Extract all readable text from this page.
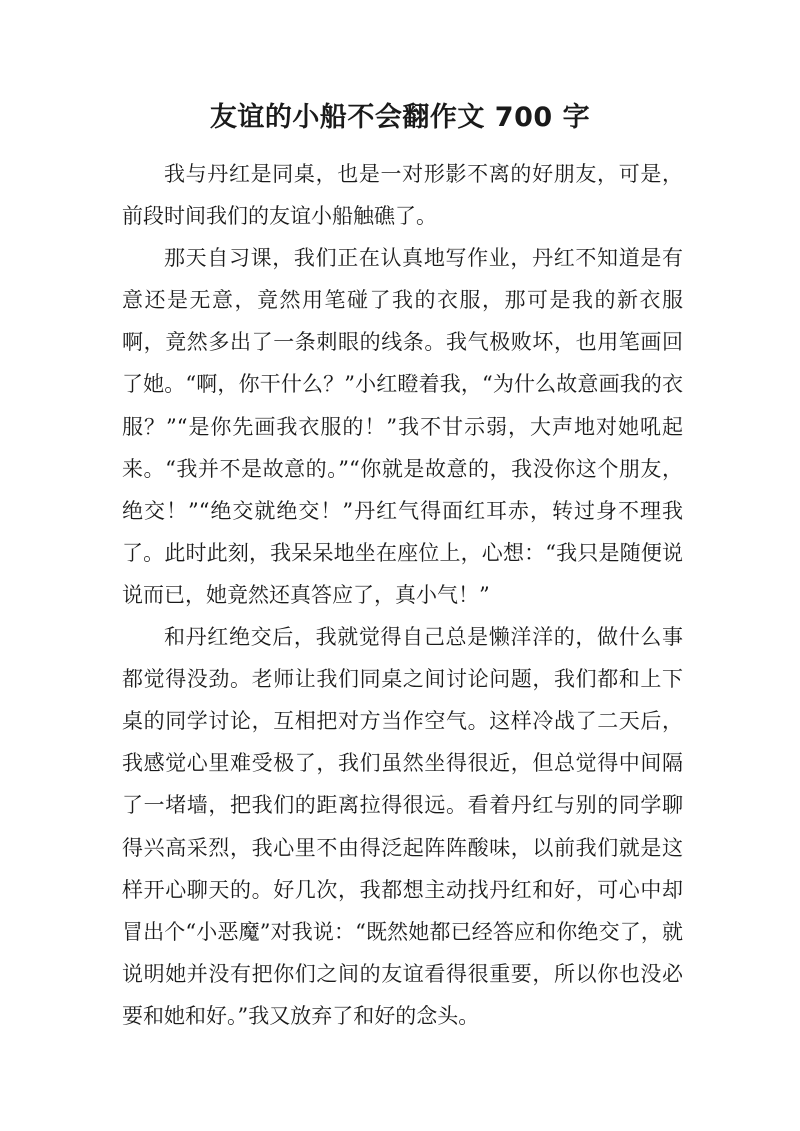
友谊的小船不会翻作文 700 字

我与丹红是同桌，也是一对形影不离的好朋友，可是，前段时间我们的友谊小船触礁了。

那天自习课，我们正在认真地写作业，丹红不知道是有意还是无意，竟然用笔碰了我的衣服，那可是我的新衣服啊，竟然多出了一条刺眼的线条。我气极败坏，也用笔画回了她。“啊，你干什么？”小红瞪着我，“为什么故意画我的衣服？”“是你先画我衣服的！”我不甘示弱，大声地对她吼起来。“我并不是故意的。”“你就是故意的，我没你这个朋友，绝交！”“绝交就绝交！”丹红气得面红耳赤，转过身不理我了。此时此刻，我呆呆地坐在座位上，心想：“我只是随便说说而已，她竟然还真答应了，真小气！”

和丹红绝交后，我就觉得自己总是懒洋洋的，做什么事都觉得没劲。老师让我们同桌之间讨论问题，我们都和上下桌的同学讨论，互相把对方当作空气。这样冷战了二天后，我感觉心里难受极了，我们虽然坐得很近，但总觉得中间隔了一堵墙，把我们的距离拉得很远。看着丹红与别的同学聊得兴高采烈，我心里不由得泛起阵阵酸味，以前我们就是这样开心聊天的。好几次，我都想主动找丹红和好，可心中却冒出个“小恶魔”对我说：“既然她都已经答应和你绝交了，就说明她并没有把你们之间的友谊看得很重要，所以你也没必要和她和好。”我又放弃了和好的念头。
